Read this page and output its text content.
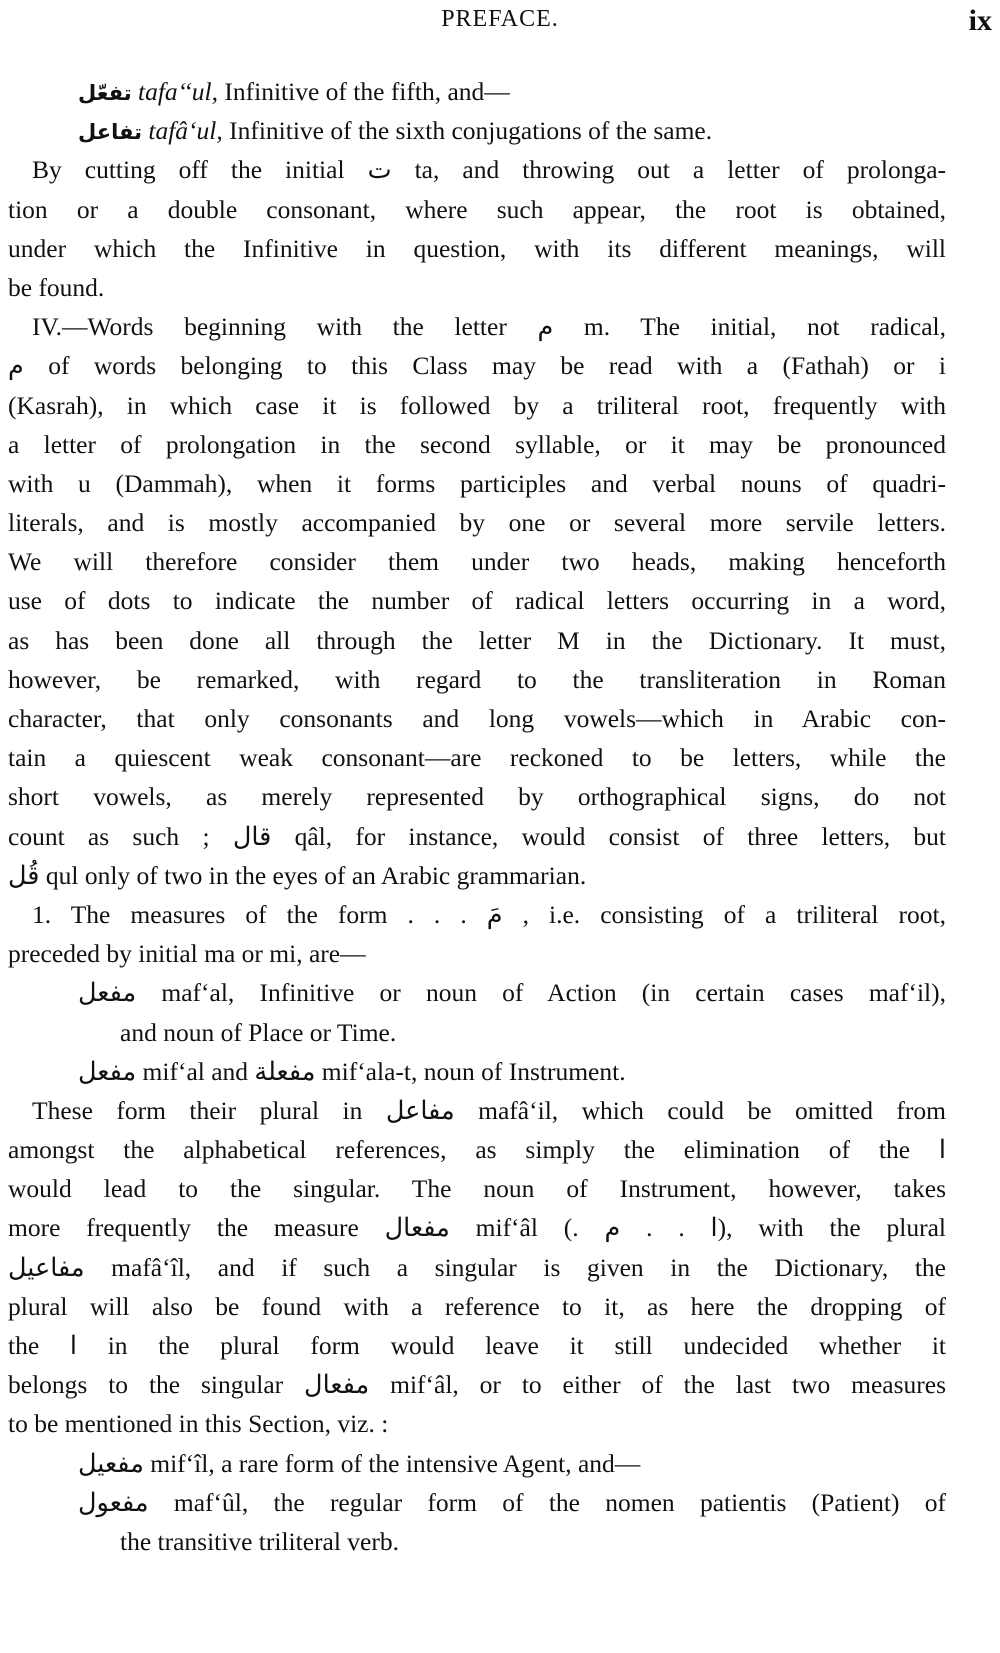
PREFACE.	ix
تفعّل tafa‘‘ul, Infinitive of the fifth, and—
تفاعل tafâ‘ul, Infinitive of the sixth conjugations of the same.
By cutting off the initial ت ta, and throwing out a letter of prolonga-
tion or a double consonant, where such appear, the root is obtained,
under which the Infinitive in question, with its different meanings, will
be found.
IV.—Words beginning with the letter م m. The initial, not radical,
م of words belonging to this Class may be read with a (Fathah) or i
(Kasrah), in which case it is followed by a triliteral root, frequently with
a letter of prolongation in the second syllable, or it may be pronounced
with u (Dammah), when it forms participles and verbal nouns of quadri-
literals, and is mostly accompanied by one or several more servile letters.
We will therefore consider them under two heads, making henceforth
use of dots to indicate the number of radical letters occurring in a word,
as has been done all through the letter M in the Dictionary. It must,
however, be remarked, with regard to the transliteration in Roman
character, that only consonants and long vowels—which in Arabic con-
tain a quiescent weak consonant—are reckoned to be letters, while the
short vowels, as merely represented by orthographical signs, do not
count as such ; قال qâl, for instance, would consist of three letters, but
قُل qul only of two in the eyes of an Arabic grammarian.
1. The measures of the form . . . مَ , i.e. consisting of a triliteral root,
preceded by initial ma or mi, are—
مفعل maf‘al, Infinitive or noun of Action (in certain cases maf‘il),
and noun of Place or Time.
مفعل mif‘al and مفعلة mif‘ala-t, noun of Instrument.
These form their plural in مفاعل mafâ‘il, which could be omitted from
amongst the alphabetical references, as simply the elimination of the ا
would lead to the singular. The noun of Instrument, however, takes
more frequently the measure مفعال mif‘âl (. ا . . م), with the plural
مفاعيل mafâ‘îl, and if such a singular is given in the Dictionary, the
plural will also be found with a reference to it, as here the dropping of
the ا in the plural form would leave it still undecided whether it
belongs to the singular مفعال mif‘âl, or to either of the last two measures
to be mentioned in this Section, viz. :
مفعيل mif‘îl, a rare form of the intensive Agent, and—
مفعول maf‘ûl, the regular form of the nomen patientis (Patient) of
the transitive triliteral verb.
